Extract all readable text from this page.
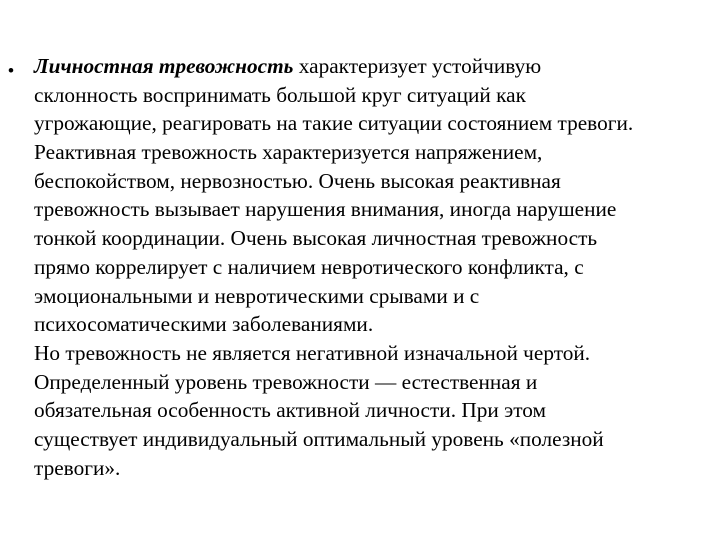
• Личностная тревожность характеризует устойчивую
склонность воспринимать большой круг ситуаций как
угрожающие, реагировать на такие ситуации состоянием тревоги.
Реактивная тревожность характеризуется напряжением,
беспокойством, нервозностью. Очень высокая реактивная
тревожность вызывает нарушения внимания, иногда нарушение
тонкой координации. Очень высокая личностная тревожность
прямо коррелирует с наличием невротического конфликта, с
эмоциональными и невротическими срывами и с
психосоматическими заболеваниями.
Но тревожность не является негативной изначальной чертой.
Определенный уровень тревожности — естественная и
обязательная особенность активной личности. При этом
существует индивидуальный оптимальный уровень «полезной
тревоги».
